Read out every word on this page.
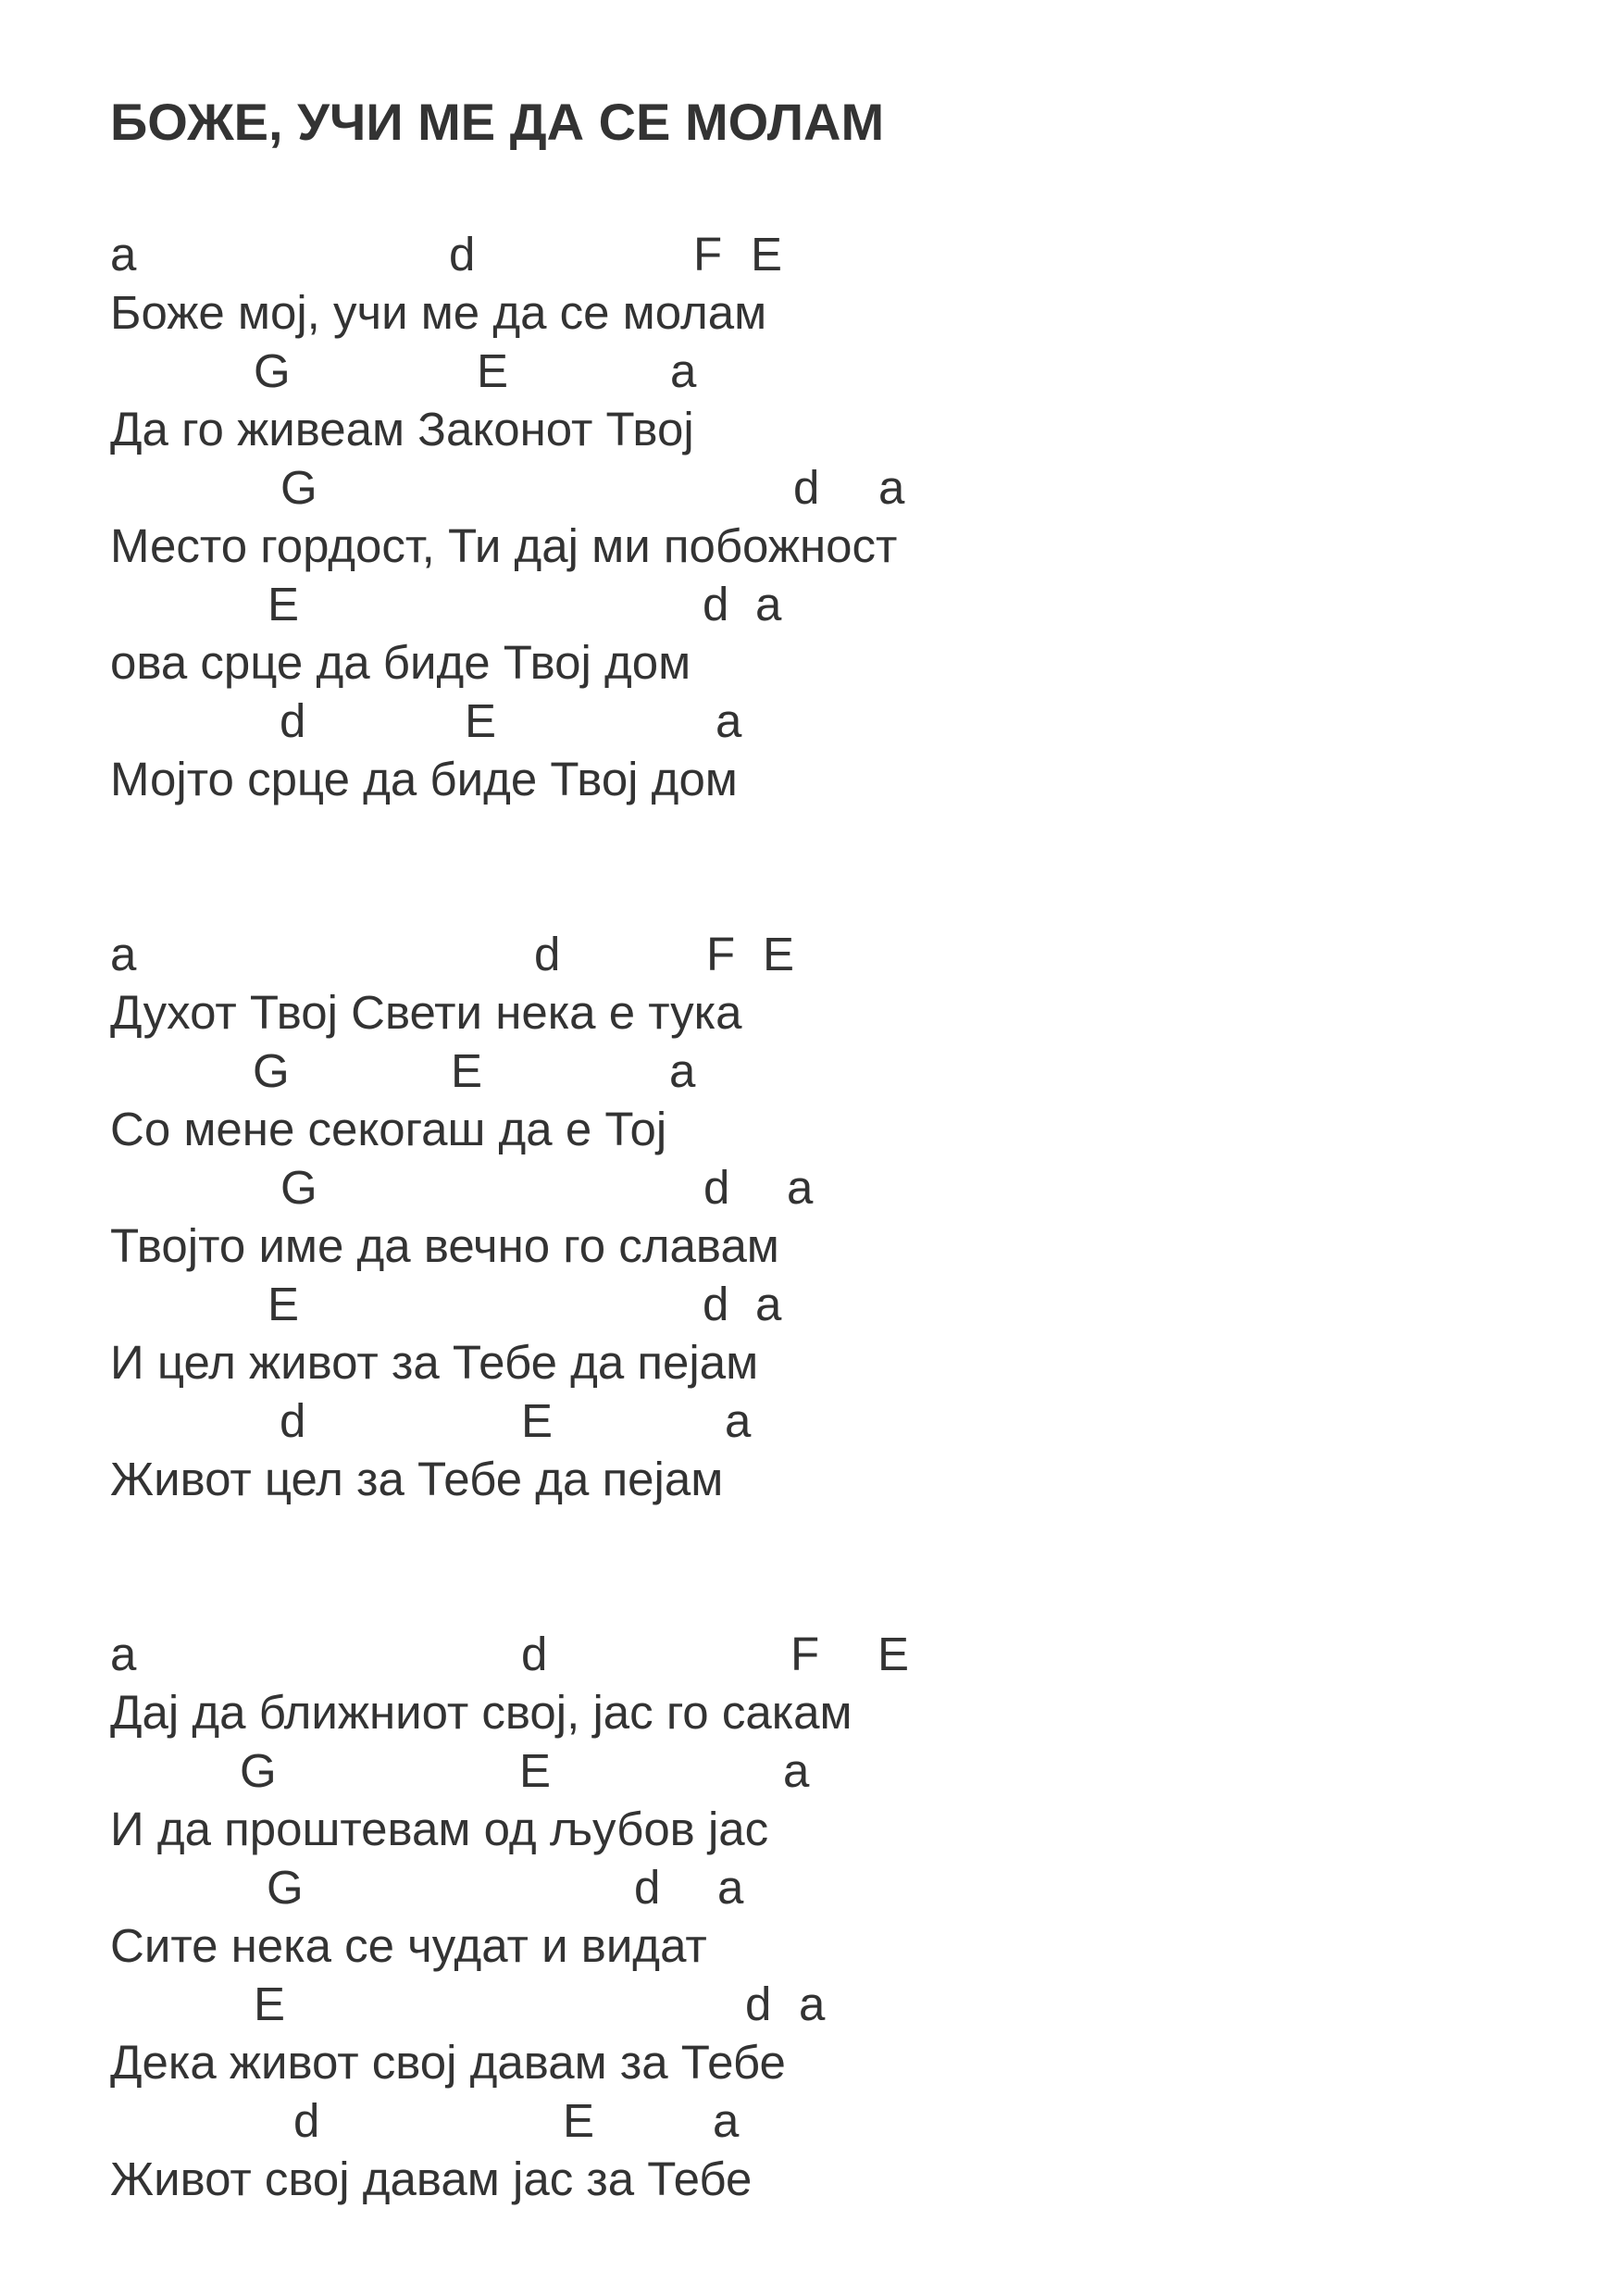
БОЖЕ, УЧИ МЕ ДА СЕ МОЛАМ
a	d	F E
Боже мој, учи ме да се молам
G	E	a
Да го живеам Законот Твој
G	d a
Место гордост, Ти дај ми побожност
E	d a
ова срце да биде Твој дом
d	E	a
Мојто срце да биде Твој дом
a	d	F E
Духот Твој Свети нека е тука
G	E	a
Со мене секогаш да е Тој
G	d a
Твојто име да вечно го славам
E	d a
И цел живот за Тебе да пејам
d	E	a
Живот цел за Тебе да пејам
a	d	F E
Дај да ближниот свој, јас го сакам
G	E	a
И да проштевам од љубов јас
G	d a
Сите нека се чудат и видат
E	d a
Дека живот свој давам за Тебе
d	E	a
Живот свој давам јас за Тебе
